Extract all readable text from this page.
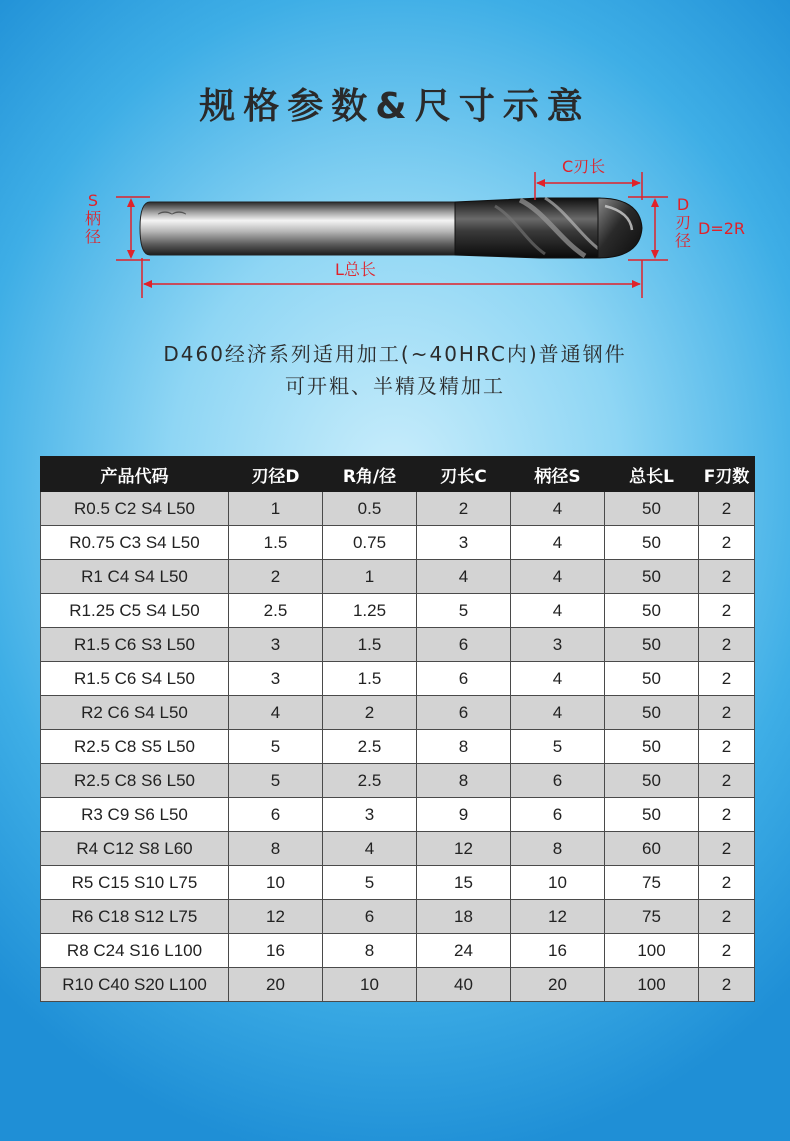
规格参数&尺寸示意
⌒⌒
S
柄
径
C刃长
D
刃
径
D=2R
L总长
D460经济系列适用加工(~40HRC内)普通钢件
可开粗、半精及精加工
产品代码	刃径D	R角/径	刃长C	柄径S	总长L	F刃数
R0.5 C2 S4 L50	1	0.5	2	4	50	2
R0.75 C3 S4 L50	1.5	0.75	3	4	50	2
R1 C4 S4 L50	2	1	4	4	50	2
R1.25 C5 S4 L50	2.5	1.25	5	4	50	2
R1.5 C6 S3 L50	3	1.5	6	3	50	2
R1.5 C6 S4 L50	3	1.5	6	4	50	2
R2 C6 S4 L50	4	2	6	4	50	2
R2.5 C8 S5 L50	5	2.5	8	5	50	2
R2.5 C8 S6 L50	5	2.5	8	6	50	2
R3 C9 S6 L50	6	3	9	6	50	2
R4 C12 S8 L60	8	4	12	8	60	2
R5 C15 S10 L75	10	5	15	10	75	2
R6 C18 S12 L75	12	6	18	12	75	2
R8 C24 S16 L100	16	8	24	16	100	2
R10 C40 S20 L100	20	10	40	20	100	2
